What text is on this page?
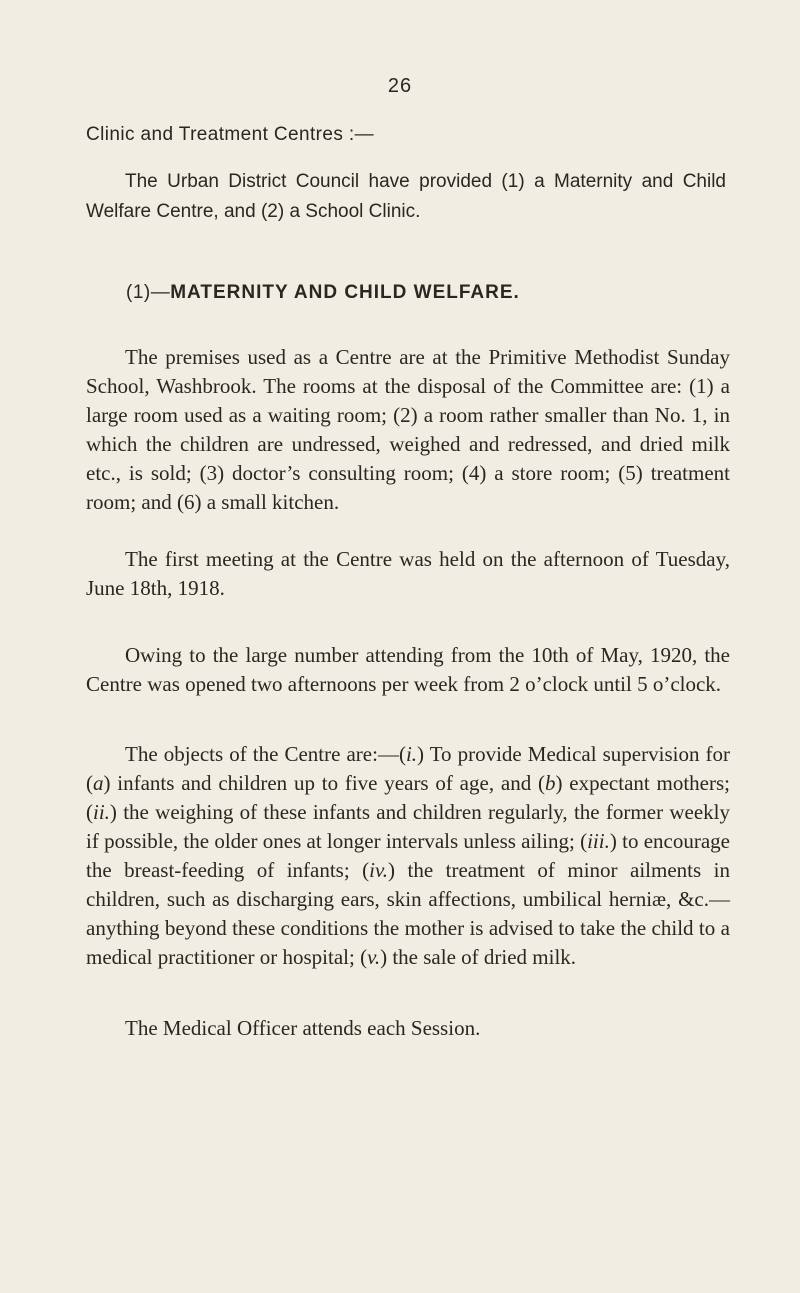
26
Clinic and Treatment Centres :—

The Urban District Council have provided (1) a Maternity and Child Welfare Centre, and (2) a School Clinic.

(1)—MATERNITY AND CHILD WELFARE.

The premises used as a Centre are at the Primitive Methodist Sunday School, Washbrook. The rooms at the disposal of the Committee are: (1) a large room used as a waiting room; (2) a room rather smaller than No. 1, in which the children are undressed, weighed and redressed, and dried milk etc., is sold; (3) doctor’s consulting room; (4) a store room; (5) treatment room; and (6) a small kitchen.

The first meeting at the Centre was held on the afternoon of Tuesday, June 18th, 1918.

Owing to the large number attending from the 10th of May, 1920, the Centre was opened two afternoons per week from 2 o’clock until 5 o’clock.

The objects of the Centre are:—(i.) To provide Medical supervision for (a) infants and children up to five years of age, and (b) expectant mothers; (ii.) the weighing of these infants and children regularly, the former weekly if possible, the older ones at longer intervals unless ailing; (iii.) to encourage the breast-feeding of infants; (iv.) the treatment of minor ailments in children, such as discharging ears, skin affections, umbilical herniæ, &c.—anything beyond these conditions the mother is advised to take the child to a medical practitioner or hospital; (v.) the sale of dried milk.

The Medical Officer attends each Session.
